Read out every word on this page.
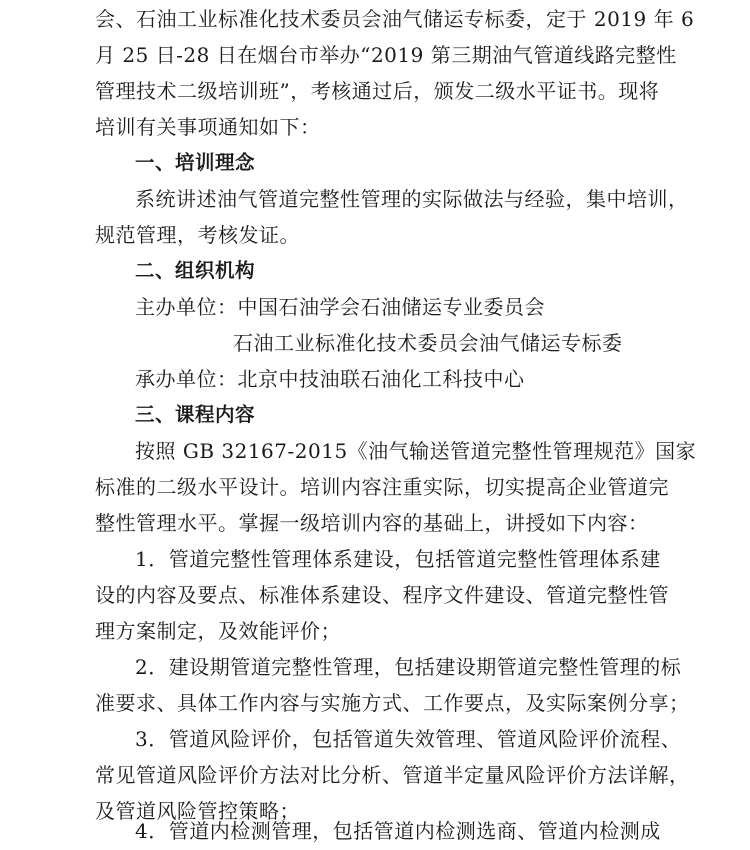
会、石油工业标准化技术委员会油气储运专标委，定于 2019 年 6
月 25 日-28 日在烟台市举办“2019 第三期油气管道线路完整性
管理技术二级培训班”，考核通过后，颁发二级水平证书。现将
培训有关事项通知如下：
一、培训理念
系统讲述油气管道完整性管理的实际做法与经验，集中培训，
规范管理，考核发证。
二、组织机构
主办单位：中国石油学会石油储运专业委员会
石油工业标准化技术委员会油气储运专标委
承办单位：北京中技油联石油化工科技中心
三、课程内容
按照 GB 32167-2015《油气输送管道完整性管理规范》国家
标准的二级水平设计。培训内容注重实际，切实提高企业管道完
整性管理水平。掌握一级培训内容的基础上，讲授如下内容：
1．管道完整性管理体系建设，包括管道完整性管理体系建
设的内容及要点、标准体系建设、程序文件建设、管道完整性管
理方案制定，及效能评价；
2．建设期管道完整性管理，包括建设期管道完整性管理的标
准要求、具体工作内容与实施方式、工作要点，及实际案例分享；
3．管道风险评价，包括管道失效管理、管道风险评价流程、
常见管道风险评价方法对比分析、管道半定量风险评价方法详解，
及管道风险管控策略；
4．管道内检测管理，包括管道内检测选商、管道内检测成
